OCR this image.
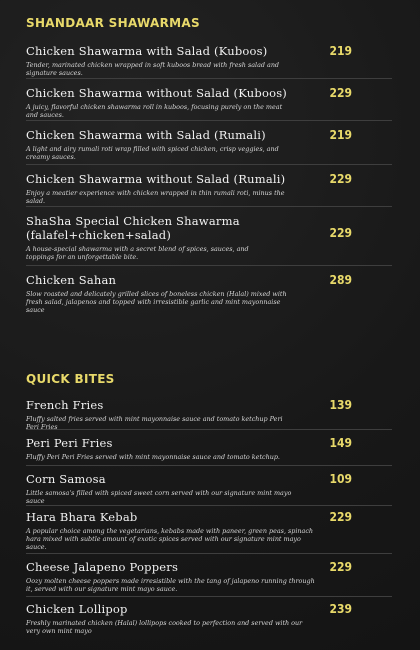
SHANDAAR SHAWARMAS
Chicken Shawarma with Salad (Kuboos)
Tender, marinated chicken wrapped in soft kuboos bread with fresh salad and signature sauces.
219
Chicken Shawarma without Salad (Kuboos)
A juicy, flavorful chicken shawarma roll in kuboos, focusing purely on the meat and sauces.
229
Chicken Shawarma with Salad (Rumali)
A light and airy rumali roti wrap filled with spiced chicken, crisp veggies, and creamy sauces.
219
Chicken Shawarma without Salad (Rumali)
Enjoy a meatier experience with chicken wrapped in thin rumali roti, minus the salad.
229
ShaSha Special Chicken Shawarma (falafel+chicken+salad)
A house-special shawarma with a secret blend of spices, sauces, and toppings for an unforgettable bite.
229
Chicken Sahan
Slow roasted and delicately grilled slices of boneless chicken (Halal) mixed with fresh salad, jalapenos and topped with irresistible garlic and mint mayonnaise sauce
289
QUICK BITES
French Fries
Fluffy salted fries served with mint mayonnaise sauce and tomato ketchup Peri Peri Fries
139
Peri Peri Fries
Fluffy Peri Peri Fries served with mint mayonnaise sauce and tomato ketchup.
149
Corn Samosa
Little samosa's filled with spiced sweet corn served with our signature mint mayo sauce
109
Hara Bhara Kebab
A popular choice among the vegetarians, kebabs made with paneer, green peas, spinach hara mixed with subtle amount of exotic spices served with our signature mint mayo sauce.
229
Cheese Jalapeno Poppers
Oozy molten cheese poppers made irresistible with the tang of jalapeno running through it, served with our signature mint mayo sauce.
229
Chicken Lollipop
Freshly marinated chicken (Halal) lollipops cooked to perfection and served with our very own mint mayo
239
